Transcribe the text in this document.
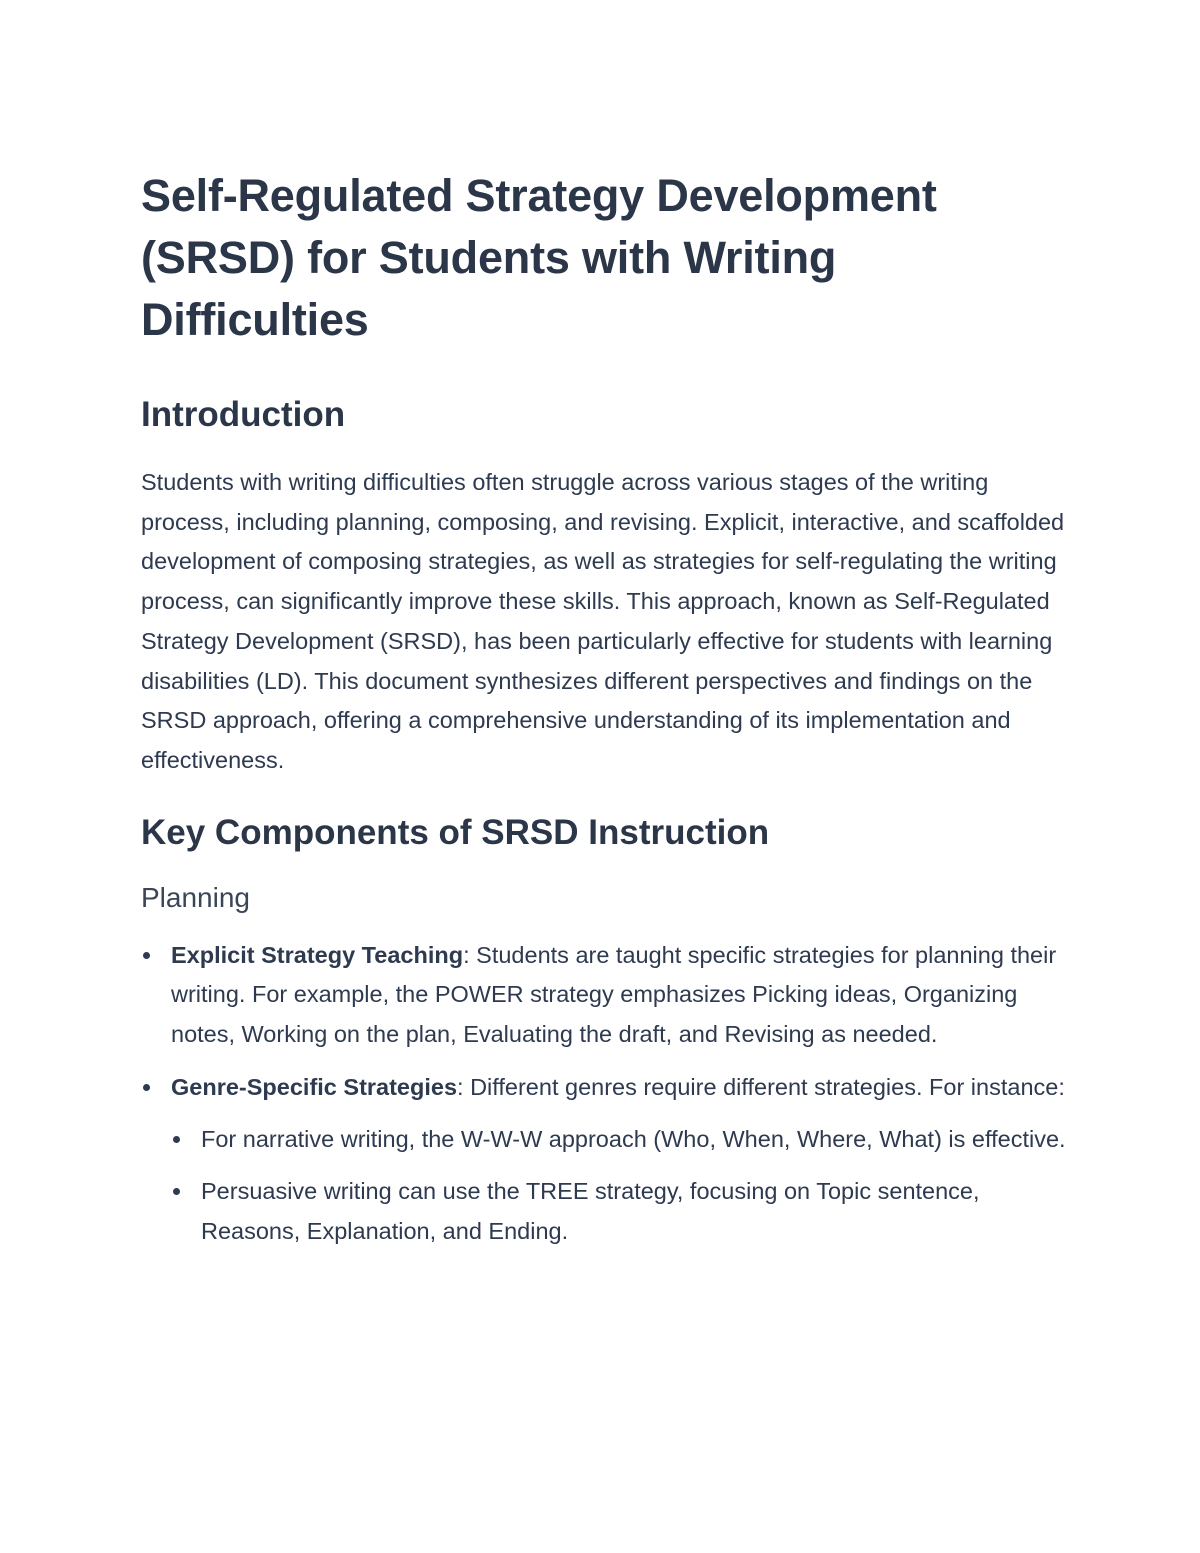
Self-Regulated Strategy Development (SRSD) for Students with Writing Difficulties
Introduction

Students with writing difficulties often struggle across various stages of the writing process, including planning, composing, and revising. Explicit, interactive, and scaffolded development of composing strategies, as well as strategies for self-regulating the writing process, can significantly improve these skills. This approach, known as Self-Regulated Strategy Development (SRSD), has been particularly effective for students with learning disabilities (LD). This document synthesizes different perspectives and findings on the SRSD approach, offering a comprehensive understanding of its implementation and effectiveness.

Key Components of SRSD Instruction
Planning
Explicit Strategy Teaching: Students are taught specific strategies for planning their writing. For example, the POWER strategy emphasizes Picking ideas, Organizing notes, Working on the plan, Evaluating the draft, and Revising as needed.
Genre-Specific Strategies: Different genres require different strategies. For instance:
For narrative writing, the W-W-W approach (Who, When, Where, What) is effective.
Persuasive writing can use the TREE strategy, focusing on Topic sentence, Reasons, Explanation, and Ending.
